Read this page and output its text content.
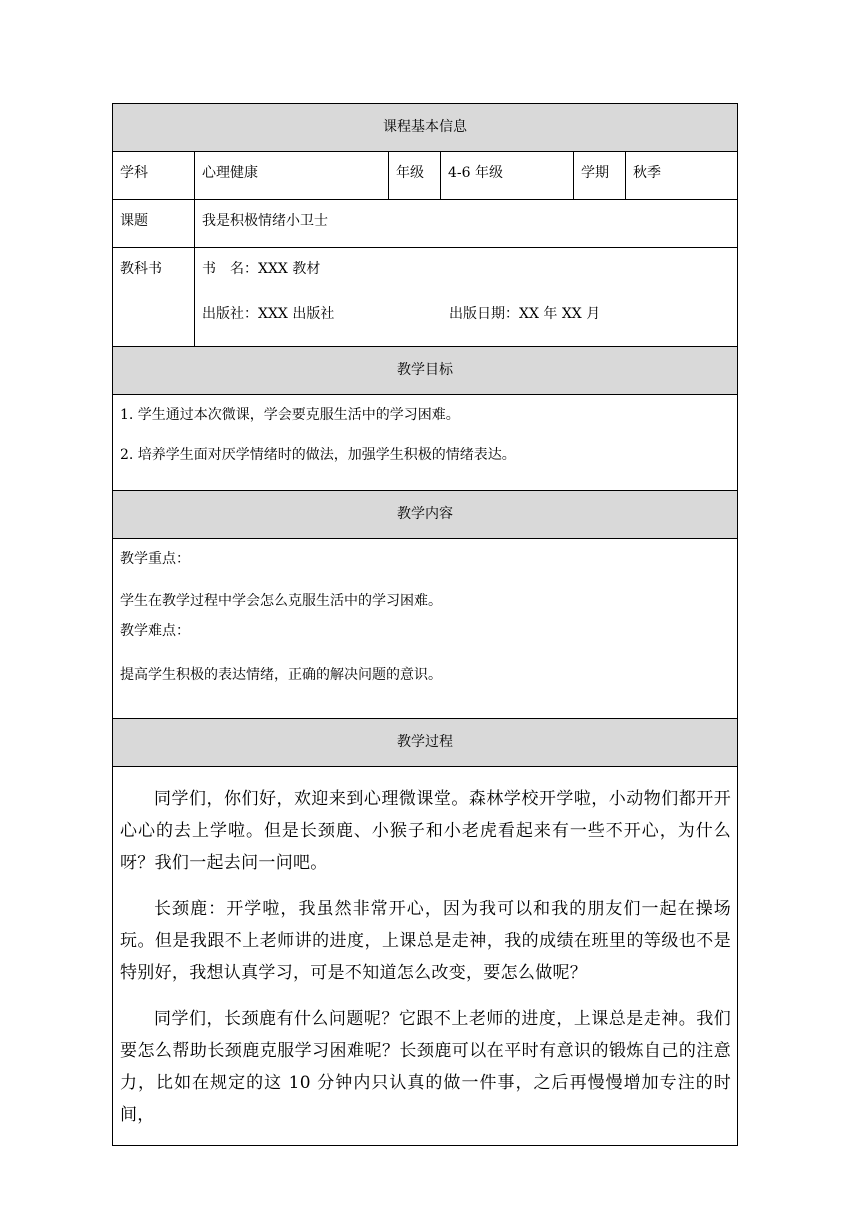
课程基本信息					
学科	心理健康	年级	4-6 年级	学期	秋季
课题	我是积极情绪小卫士				
教科书	书　名：XXX 教材
出版社：XXX 出版社 出版日期：XX 年 XX 月				

教学目标					

1. 学生通过本次微课，学会要克服生活中的学习困难。

2. 培养学生面对厌学情绪时的做法，加强学生积极的情绪表达。					

教学内容					

教学重点：

学生在教学过程中学会怎么克服生活中的学习困难。

教学难点：

提高学生积极的表达情绪，正确的解决问题的意识。					

教学过程					

同学们，你们好，欢迎来到心理微课堂。森林学校开学啦，小动物们都开开心心的去上学啦。但是长颈鹿、小猴子和小老虎看起来有一些不开心，为什么呀？我们一起去问一问吧。

长颈鹿：开学啦，我虽然非常开心，因为我可以和我的朋友们一起在操场玩。但是我跟不上老师讲的进度，上课总是走神，我的成绩在班里的等级也不是特别好，我想认真学习，可是不知道怎么改变，要怎么做呢？

同学们，长颈鹿有什么问题呢？它跟不上老师的进度，上课总是走神。我们要怎么帮助长颈鹿克服学习困难呢？长颈鹿可以在平时有意识的锻炼自己的注意力，比如在规定的这 10 分钟内只认真的做一件事，之后再慢慢增加专注的时间，					
